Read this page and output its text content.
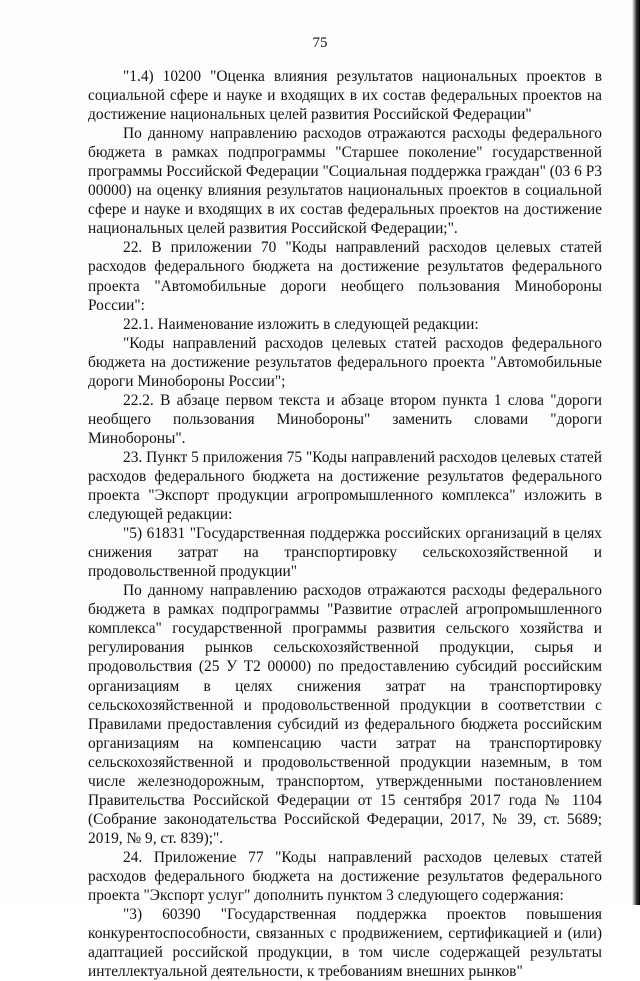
75

"1.4) 10200 "Оценка влияния результатов национальных проектов в социальной сфере и науке и входящих в их состав федеральных проектов на достижение национальных целей развития Российской Федерации"

По данному направлению расходов отражаются расходы федерального бюджета в рамках подпрограммы "Старшее поколение" государственной программы Российской Федерации "Социальная поддержка граждан" (03 6 Р3 00000) на оценку влияния результатов национальных проектов в социальной сфере и науке и входящих в их состав федеральных проектов на достижение национальных целей развития Российской Федерации;".

22. В приложении 70 "Коды направлений расходов целевых статей расходов федерального бюджета на достижение результатов федерального проекта "Автомобильные дороги необщего пользования Минобороны России":

22.1. Наименование изложить в следующей редакции:

"Коды направлений расходов целевых статей расходов федерального бюджета на достижение результатов федерального проекта "Автомобильные дороги Минобороны России";

22.2. В абзаце первом текста и абзаце втором пункта 1 слова "дороги необщего пользования Минобороны" заменить словами "дороги Минобороны".

23. Пункт 5 приложения 75 "Коды направлений расходов целевых статей расходов федерального бюджета на достижение результатов федерального проекта "Экспорт продукции агропромышленного комплекса" изложить в следующей редакции:

"5) 61831 "Государственная поддержка российских организаций в целях снижения затрат на транспортировку сельскохозяйственной и продовольственной продукции"

По данному направлению расходов отражаются расходы федерального бюджета в рамках подпрограммы "Развитие отраслей агропромышленного комплекса" государственной программы развития сельского хозяйства и регулирования рынков сельскохозяйственной продукции, сырья и продовольствия (25 У Т2 00000) по предоставлению субсидий российским организациям в целях снижения затрат на транспортировку сельскохозяйственной и продовольственной продукции в соответствии с Правилами предоставления субсидий из федерального бюджета российским организациям на компенсацию части затрат на транспортировку сельскохозяйственной и продовольственной продукции наземным, в том числе железнодорожным, транспортом, утвержденными постановлением Правительства Российской Федерации от 15 сентября 2017 года № 1104 (Собрание законодательства Российской Федерации, 2017, № 39, ст. 5689; 2019, № 9, ст. 839);".

24. Приложение 77 "Коды направлений расходов целевых статей расходов федерального бюджета на достижение результатов федерального проекта "Экспорт услуг" дополнить пунктом 3 следующего содержания:

"3) 60390 "Государственная поддержка проектов повышения конкурентоспособности, связанных с продвижением, сертификацией и (или) адаптацией российской продукции, в том числе содержащей результаты интеллектуальной деятельности, к требованиям внешних рынков"
